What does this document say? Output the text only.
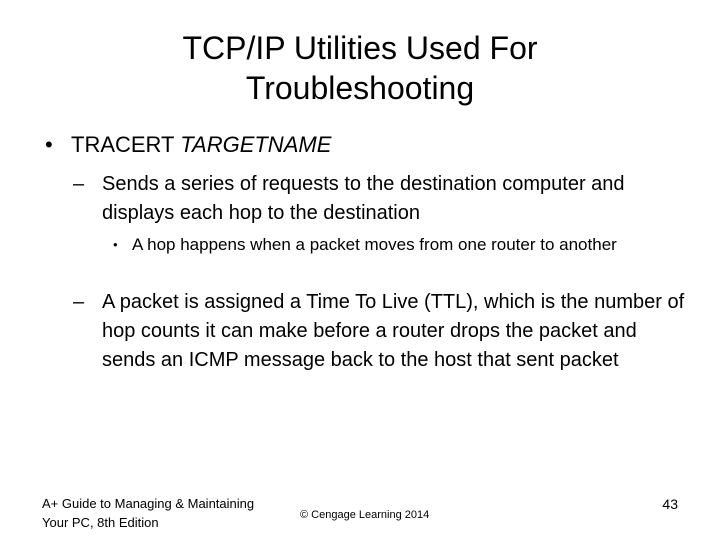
TCP/IP Utilities Used For
Troubleshooting
• TRACERT TARGETNAME
– Sends a series of requests to the destination computer and displays each hop to the destination
• A hop happens when a packet moves from one router to another
– A packet is assigned a Time To Live (TTL), which is the number of hop counts it can make before a router drops the packet and sends an ICMP message back to the host that sent packet
A+ Guide to Managing & Maintaining
Your PC, 8th Edition	© Cengage Learning 2014
43
